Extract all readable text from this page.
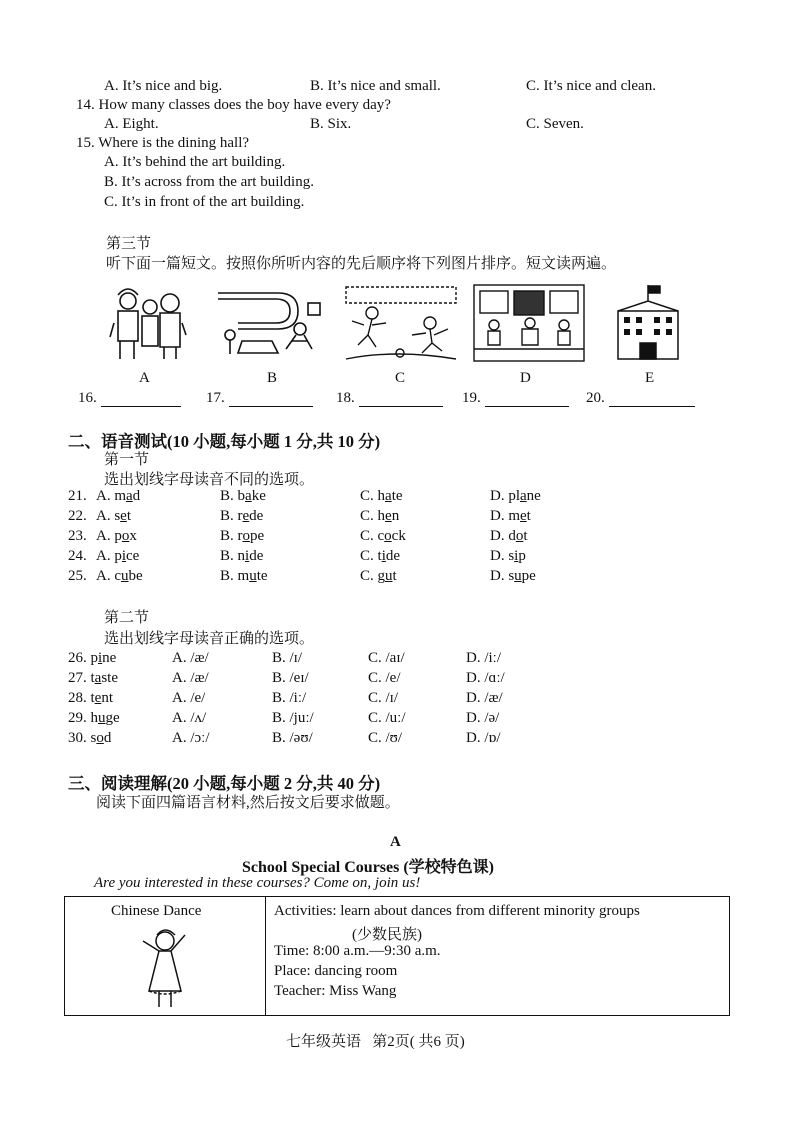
A. It’s nice and big.	B. It’s nice and small.	C. It’s nice and clean.
14. How many classes does the boy have every day?
A. Eight.	B. Six.	C. Seven.
15. Where is the dining hall?
A. It’s behind the art building.
B. It’s across from the art building.
C. It’s in front of the art building.
第三节
听下面一篇短文。按照你所听内容的先后顺序将下列图片排序。短文读两遍。
A	B	C	D	E
16.	17.	18.	19.	20.
二、语音测试(10 小题,每小题 1 分,共 10 分)
第一节
选出划线字母读音不同的选项。
21. A. mad	B. bake	C. hate	D. plane
22. A. set	B. rede	C. hen	D. met
23. A. pox	B. rope	C. cock	D. dot
24. A. pice	B. nide	C. tide	D. sip
25. A. cube	B. mute	C. gut	D. supe
第二节
选出划线字母读音正确的选项。
26. pine	A. /æ/	B. /ɪ/	C. /aɪ/	D. /iː/
27. taste	A. /æ/	B. /eɪ/	C. /e/	D. /ɑː/
28. tent	A. /e/	B. /iː/	C. /ɪ/	D. /æ/
29. huge	A. /ʌ/	B. /juː/	C. /uː/	D. /ə/
30. sod	A. /ɔː/	B. /əʊ/	C. /ʊ/	D. /ɒ/
三、阅读理解(20 小题,每小题 2 分,共 40 分)
阅读下面四篇语言材料,然后按文后要求做题。
A
School Special Courses (学校特色课)
Are you interested in these courses? Come on, join us!
Chinese Dance	Activities: learn about dances from different minority groups
(少数民族)
Time: 8:00 a.m.—9:30 a.m.
Place: dancing room
Teacher: Miss Wang
七年级英语   第2页( 共6 页)
